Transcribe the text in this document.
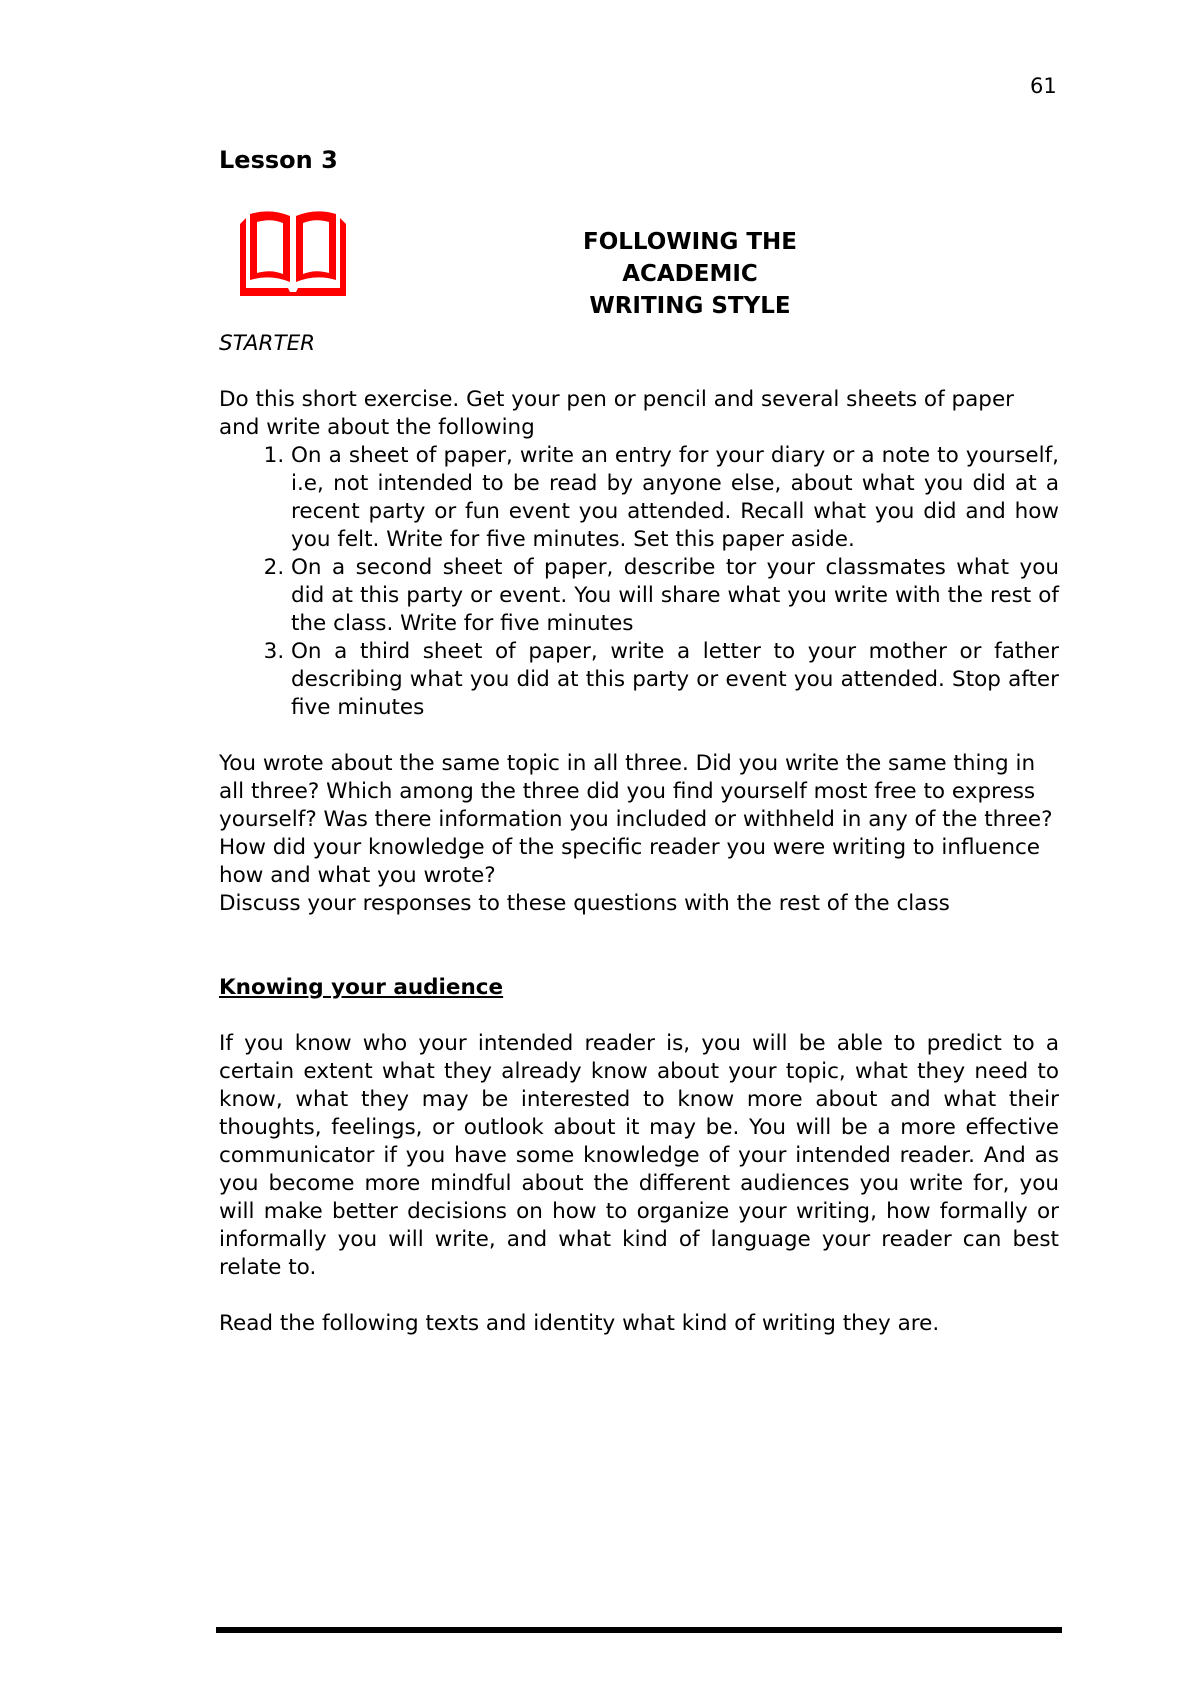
61
Lesson 3
FOLLOWING THE ACADEMIC
WRITING STYLE

STARTER

Do this short exercise. Get your pen or pencil and several sheets of paper and write about the following

1. On a sheet of paper, write an entry for your diary or a note to yourself, i.e, not intended to be read by anyone else, about what you did at a recent party or fun event you attended. Recall what you did and how you felt. Write for five minutes. Set this paper aside.
2. On a second sheet of paper, describe tor your classmates what you did at this party or event. You will share what you write with the rest of the class. Write for five minutes
3. On a third sheet of paper, write a letter to your mother or father describing what you did at this party or event you attended. Stop after five minutes

You wrote about the same topic in all three. Did you write the same thing in all three? Which among the three did you find yourself most free to express yourself? Was there information you included or withheld in any of the three? How did your knowledge of the specific reader you were writing to influence how and what you wrote?

Discuss your responses to these questions with the rest of the class

Knowing your audience

If you know who your intended reader is, you will be able to predict to a certain extent what they already know about your topic, what they need to know, what they may be interested to know more about and what their thoughts, feelings, or outlook about it may be. You will be a more effective communicator if you have some knowledge of your intended reader. And as you become more mindful about the different audiences you write for, you will make better decisions on how to organize your writing, how formally or informally you will write, and what kind of language your reader can best relate to.

Read the following texts and identity what kind of writing they are.
